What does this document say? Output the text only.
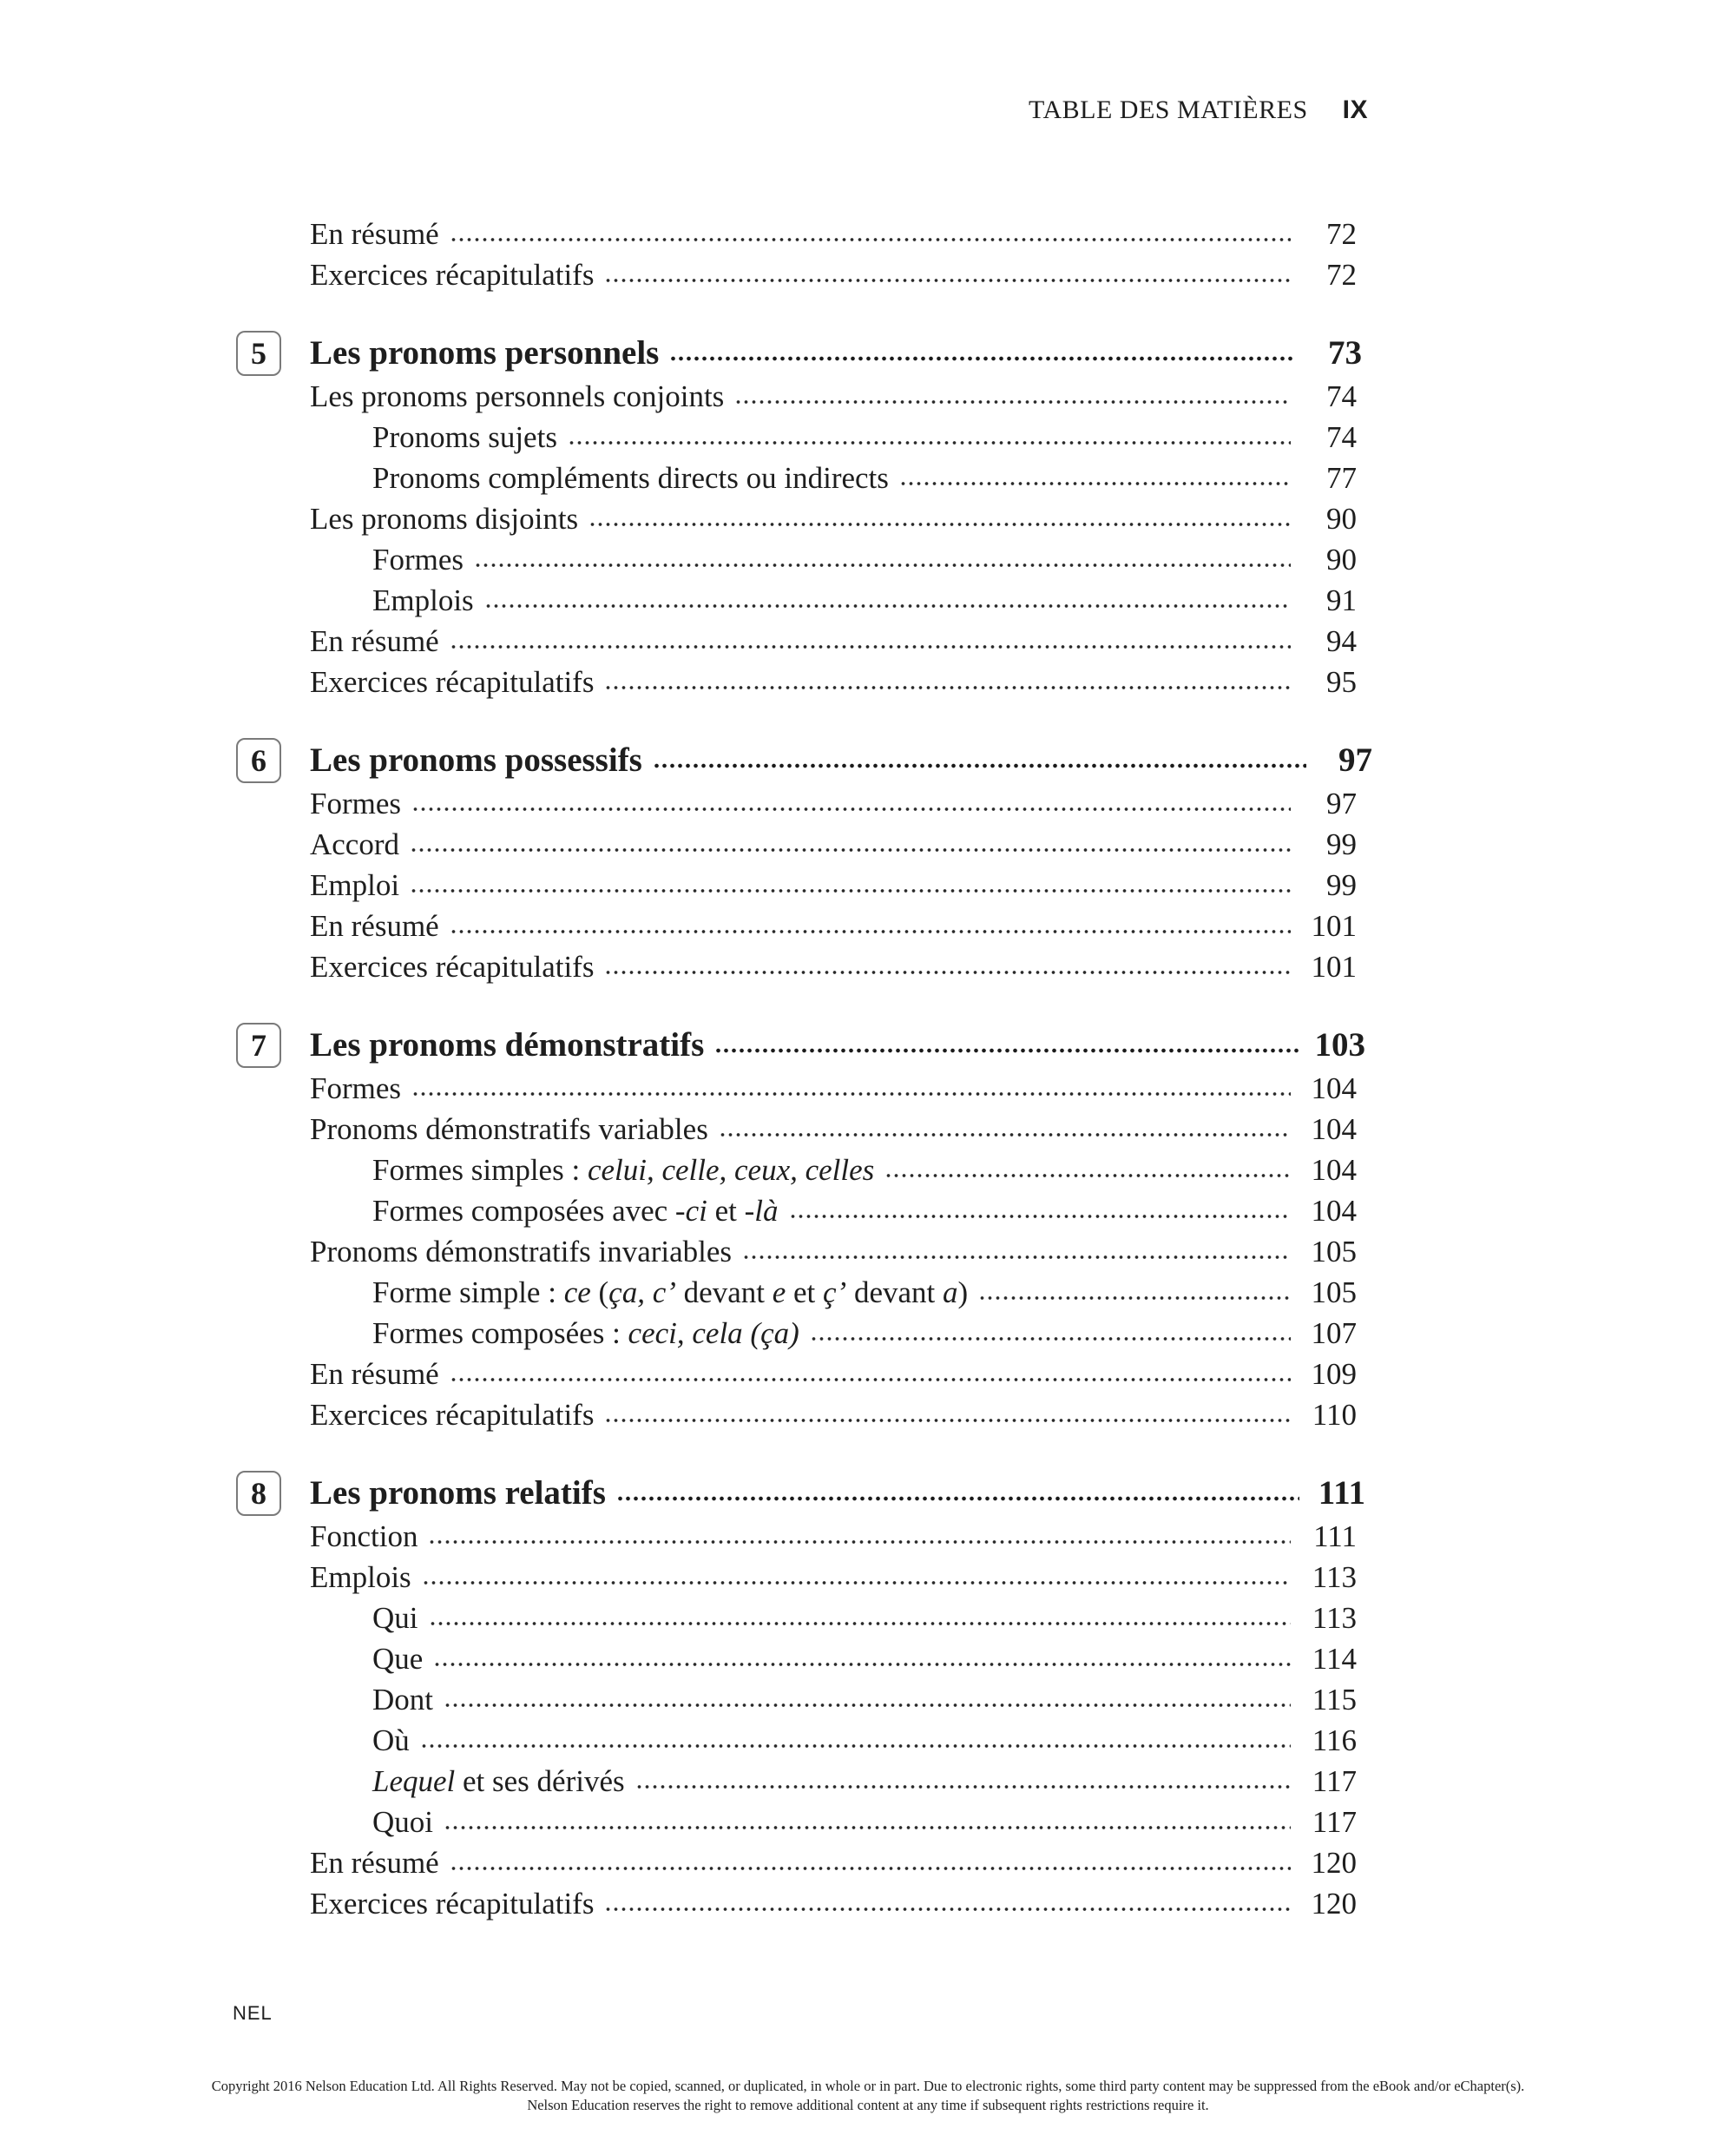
TABLE DES MATIÈRES IX
En résumé	72
Exercices récapitulatifs	72
5	Les pronoms personnels	73
Les pronoms personnels conjoints	74
Pronoms sujets	74
Pronoms compléments directs ou indirects	77
Les pronoms disjoints	90
Formes	90
Emplois	91
En résumé	94
Exercices récapitulatifs	95
6	Les pronoms possessifs	97
Formes	97
Accord	99
Emploi	99
En résumé	101
Exercices récapitulatifs	101
7	Les pronoms démonstratifs	103
Formes	104
Pronoms démonstratifs variables	104
Formes simples : celui, celle, ceux, celles	104
Formes composées avec -ci et -là	104
Pronoms démonstratifs invariables	105
Forme simple : ce (ça, c’ devant e et ç’ devant a)	105
Formes composées : ceci, cela (ça)	107
En résumé	109
Exercices récapitulatifs	110
8	Les pronoms relatifs	111
Fonction	111
Emplois	113
Qui	113
Que	114
Dont	115
Où	116
Lequel et ses dérivés	117
Quoi	117
En résumé	120
Exercices récapitulatifs	120
NEL
Copyright 2016 Nelson Education Ltd. All Rights Reserved. May not be copied, scanned, or duplicated, in whole or in part. Due to electronic rights, some third party content may be suppressed from the eBook and/or eChapter(s).
Nelson Education reserves the right to remove additional content at any time if subsequent rights restrictions require it.
